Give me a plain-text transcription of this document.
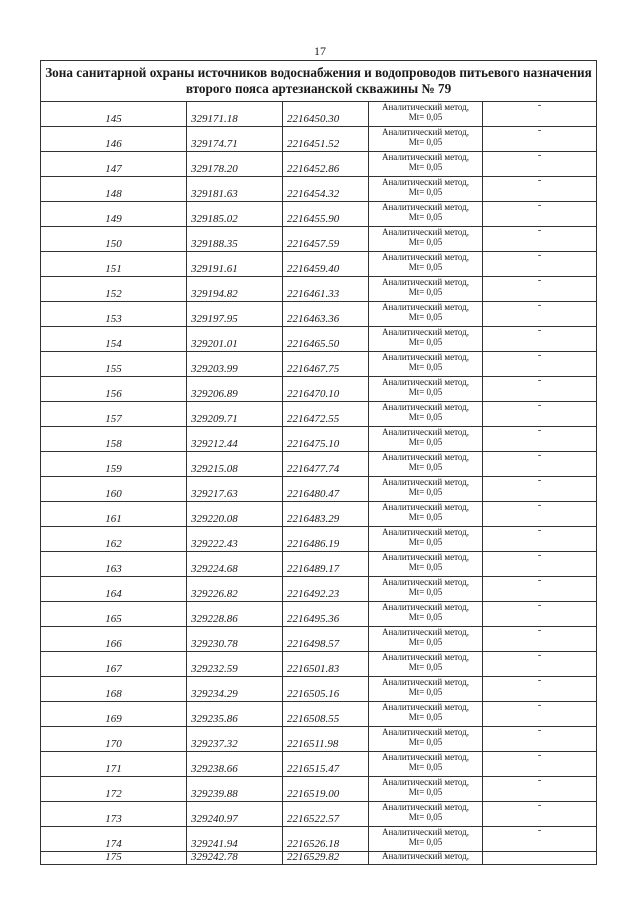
17
Зона санитарной охраны источников водоснабжения и водопроводов питьевого назначения
второго пояса артезианской скважины № 79				

145	329171.18	2216450.30	Аналитический метод,
Mt= 0,05	-
146	329174.71	2216451.52	Аналитический метод,
Mt= 0,05	-
147	329178.20	2216452.86	Аналитический метод,
Mt= 0,05	-
148	329181.63	2216454.32	Аналитический метод,
Mt= 0,05	-
149	329185.02	2216455.90	Аналитический метод,
Mt= 0,05	-
150	329188.35	2216457.59	Аналитический метод,
Mt= 0,05	-
151	329191.61	2216459.40	Аналитический метод,
Mt= 0,05	-
152	329194.82	2216461.33	Аналитический метод,
Mt= 0,05	-
153	329197.95	2216463.36	Аналитический метод,
Mt= 0,05	-
154	329201.01	2216465.50	Аналитический метод,
Mt= 0,05	-
155	329203.99	2216467.75	Аналитический метод,
Mt= 0,05	-
156	329206.89	2216470.10	Аналитический метод,
Mt= 0,05	-
157	329209.71	2216472.55	Аналитический метод,
Mt= 0,05	-
158	329212.44	2216475.10	Аналитический метод,
Mt= 0,05	-
159	329215.08	2216477.74	Аналитический метод,
Mt= 0,05	-
160	329217.63	2216480.47	Аналитический метод,
Mt= 0,05	-
161	329220.08	2216483.29	Аналитический метод,
Mt= 0,05	-
162	329222.43	2216486.19	Аналитический метод,
Mt= 0,05	-
163	329224.68	2216489.17	Аналитический метод,
Mt= 0,05	-
164	329226.82	2216492.23	Аналитический метод,
Mt= 0,05	-
165	329228.86	2216495.36	Аналитический метод,
Mt= 0,05	-
166	329230.78	2216498.57	Аналитический метод,
Mt= 0,05	-
167	329232.59	2216501.83	Аналитический метод,
Mt= 0,05	-
168	329234.29	2216505.16	Аналитический метод,
Mt= 0,05	-
169	329235.86	2216508.55	Аналитический метод,
Mt= 0,05	-
170	329237.32	2216511.98	Аналитический метод,
Mt= 0,05	-
171	329238.66	2216515.47	Аналитический метод,
Mt= 0,05	-
172	329239.88	2216519.00	Аналитический метод,
Mt= 0,05	-
173	329240.97	2216522.57	Аналитический метод,
Mt= 0,05	-
174	329241.94	2216526.18	Аналитический метод,
Mt= 0,05	-
175	329242.78	2216529.82	Аналитический метод,	
